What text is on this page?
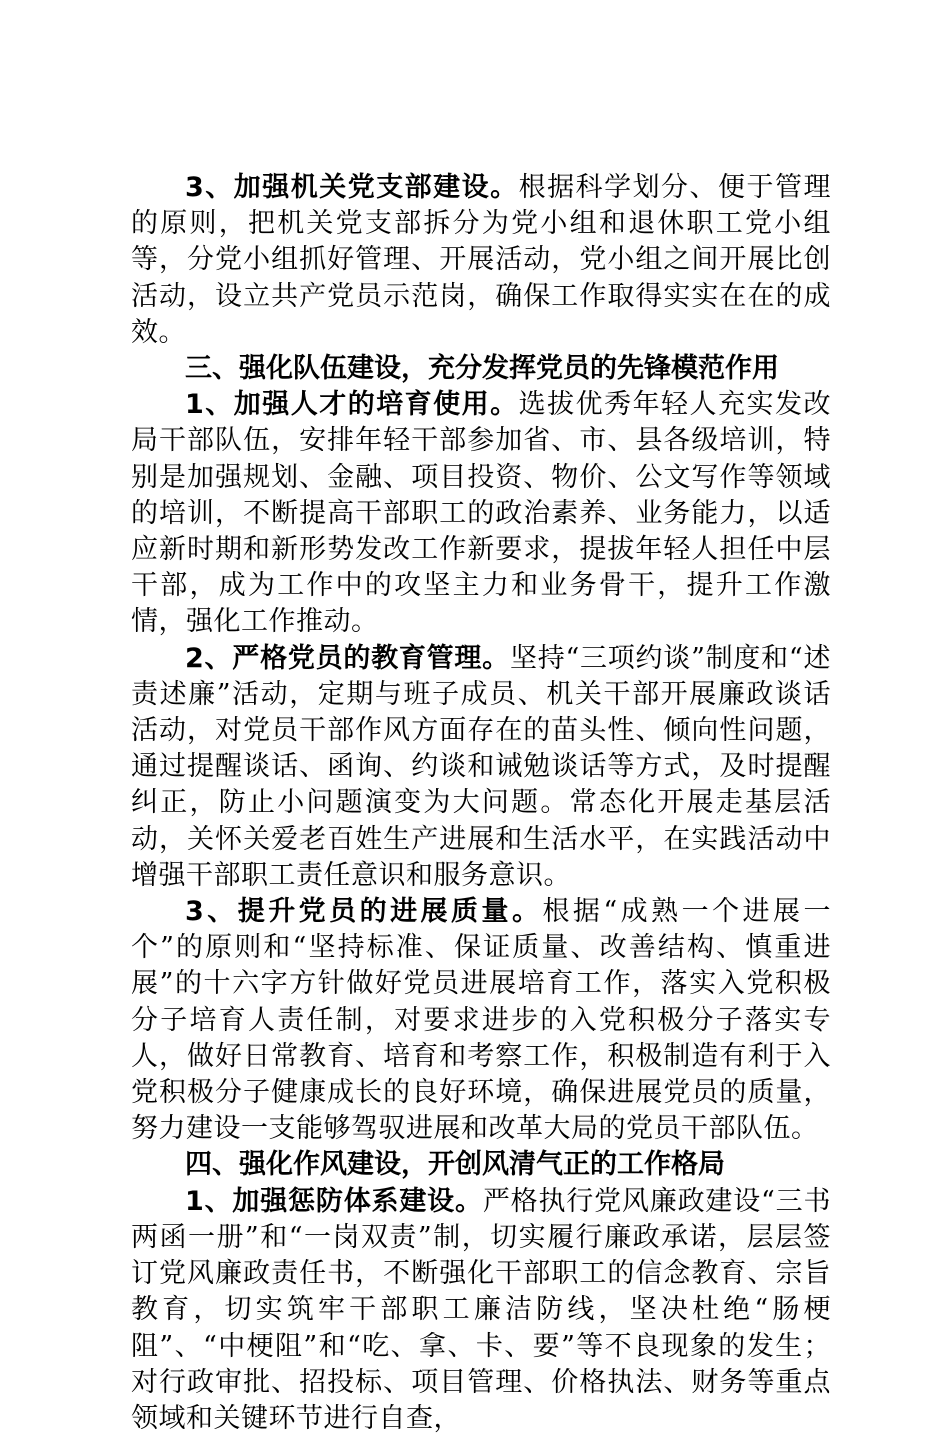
3、加强机关党支部建设。根据科学划分、便于管理的原则，把机关党支部拆分为党小组和退休职工党小组等，分党小组抓好管理、开展活动，党小组之间开展比创活动，设立共产党员示范岗，确保工作取得实实在在的成效。

三、强化队伍建设，充分发挥党员的先锋模范作用

1、加强人才的培育使用。选拔优秀年轻人充实发改局干部队伍，安排年轻干部参加省、市、县各级培训，特别是加强规划、金融、项目投资、物价、公文写作等领域的培训，不断提高干部职工的政治素养、业务能力，以适应新时期和新形势发改工作新要求，提拔年轻人担任中层干部，成为工作中的攻坚主力和业务骨干，提升工作激情，强化工作推动。

2、严格党员的教育管理。坚持“三项约谈”制度和“述责述廉”活动，定期与班子成员、机关干部开展廉政谈话活动，对党员干部作风方面存在的苗头性、倾向性问题，通过提醒谈话、函询、约谈和诫勉谈话等方式，及时提醒纠正，防止小问题演变为大问题。常态化开展走基层活动，关怀关爱老百姓生产进展和生活水平，在实践活动中增强干部职工责任意识和服务意识。

3、提升党员的进展质量。根据“成熟一个进展一个”的原则和“坚持标准、保证质量、改善结构、慎重进展”的十六字方针做好党员进展培育工作，落实入党积极分子培育人责任制，对要求进步的入党积极分子落实专人，做好日常教育、培育和考察工作，积极制造有利于入党积极分子健康成长的良好环境，确保进展党员的质量，努力建设一支能够驾驭进展和改革大局的党员干部队伍。

四、强化作风建设，开创风清气正的工作格局

1、加强惩防体系建设。严格执行党风廉政建设“三书两函一册”和“一岗双责”制，切实履行廉政承诺，层层签订党风廉政责任书，不断强化干部职工的信念教育、宗旨教育，切实筑牢干部职工廉洁防线，坚决杜绝“肠梗阻”、“中梗阻”和“吃、拿、卡、要”等不良现象的发生；对行政审批、招投标、项目管理、价格执法、财务等重点领域和关键环节进行自查，
